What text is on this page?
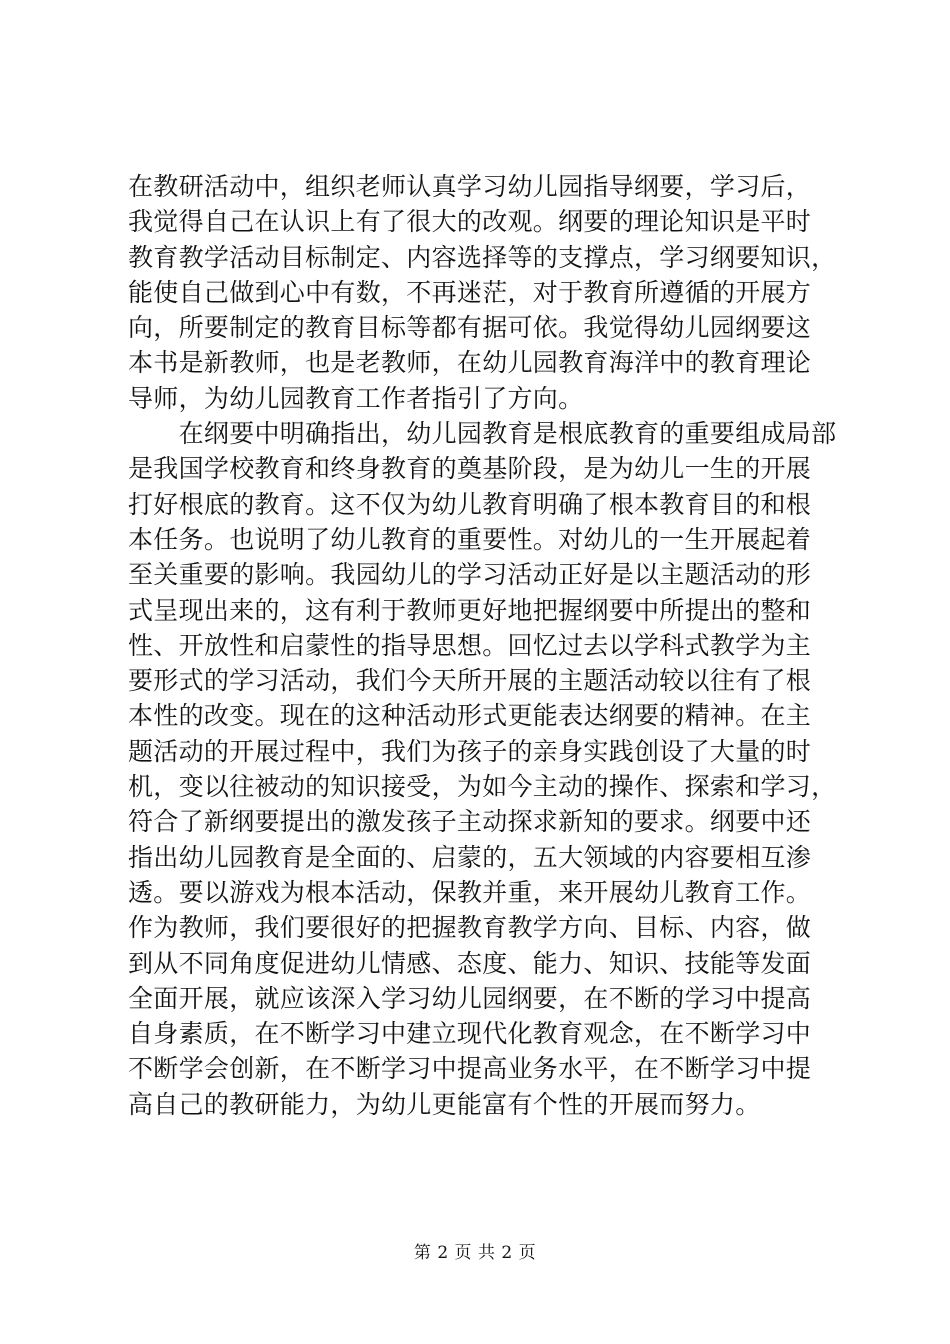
在教研活动中，组织老师认真学习幼儿园指导纲要，学习后，
我觉得自己在认识上有了很大的改观。纲要的理论知识是平时
教育教学活动目标制定、内容选择等的支撑点，学习纲要知识，
能使自己做到心中有数，不再迷茫，对于教育所遵循的开展方
向，所要制定的教育目标等都有据可依。我觉得幼儿园纲要这
本书是新教师，也是老教师，在幼儿园教育海洋中的教育理论
导师，为幼儿园教育工作者指引了方向。
　　在纲要中明确指出，幼儿园教育是根底教育的重要组成局部
是我国学校教育和终身教育的奠基阶段，是为幼儿一生的开展
打好根底的教育。这不仅为幼儿教育明确了根本教育目的和根
本任务。也说明了幼儿教育的重要性。对幼儿的一生开展起着
至关重要的影响。我园幼儿的学习活动正好是以主题活动的形
式呈现出来的，这有利于教师更好地把握纲要中所提出的整和
性、开放性和启蒙性的指导思想。回忆过去以学科式教学为主
要形式的学习活动，我们今天所开展的主题活动较以往有了根
本性的改变。现在的这种活动形式更能表达纲要的精神。在主
题活动的开展过程中，我们为孩子的亲身实践创设了大量的时
机，变以往被动的知识接受，为如今主动的操作、探索和学习，
符合了新纲要提出的激发孩子主动探求新知的要求。纲要中还
指出幼儿园教育是全面的、启蒙的，五大领域的内容要相互渗
透。要以游戏为根本活动，保教并重，来开展幼儿教育工作。
作为教师，我们要很好的把握教育教学方向、目标、内容，做
到从不同角度促进幼儿情感、态度、能力、知识、技能等发面
全面开展，就应该深入学习幼儿园纲要，在不断的学习中提高
自身素质，在不断学习中建立现代化教育观念，在不断学习中
不断学会创新，在不断学习中提高业务水平，在不断学习中提
高自己的教研能力，为幼儿更能富有个性的开展而努力。
第 2 页 共 2 页
